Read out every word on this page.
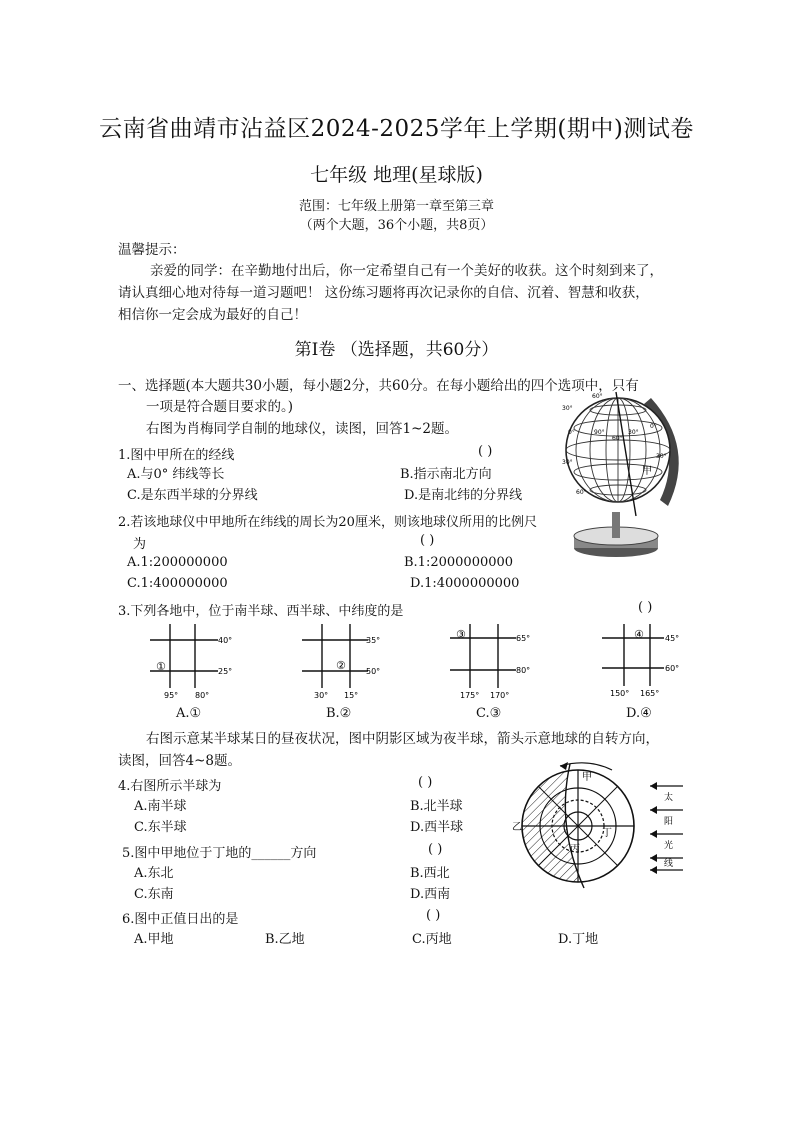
云南省曲靖市沾益区2024-2025学年上学期(期中)测试卷
七年级 地理(星球版)
范围：七年级上册第一章至第三章
（两个大题，36个小题，共8页）
温馨提示：
亲爱的同学：在辛勤地付出后，你一定希望自己有一个美好的收获。这个时刻到来了，
请认真细心地对待每一道习题吧！ 这份练习题将再次记录你的自信、沉着、智慧和收获，
相信你一定会成为最好的自己！
第Ⅰ卷 （选择题，共60分）
一、选择题(本大题共30小题，每小题2分，共60分。在每小题给出的四个选项中，只有
一项是符合题目要求的。)
右图为肖梅同学自制的地球仪，读图，回答1~2题。
1.图中甲所在的经线	( )
A.与0° 纬线等长	B.指示南北方向
C.是东西半球的分界线	D.是南北纬的分界线
2.若该地球仪中甲地所在纬线的周长为20厘米，则该地球仪所用的比例尺
为	( )
A.1:200000000	B.1:2000000000
C.1:400000000	D.1:4000000000
60°
30°
0°	90°
60°
30°
0°
30°
30°
60°
甲
3.下列各地中，位于南半球、西半球、中纬度的是	( )
①
40°
25°
95° 80°
A.①
②
35°
50°
30° 15°
B.②
③	65°
80°
175° 170°
C.③
④	45°
60°
150° 165°
D.④
右图示意某半球某日的昼夜状况，图中阴影区域为夜半球，箭头示意地球的自转方向，
读图，回答4~8题。
4.右图所示半球为	( )
A.南半球	B.北半球
C.东半球	D.西半球
5.图中甲地位于丁地的______方向	( )
A.东北	B.西北
C.东南	D.西南
6.图中正值日出的是	( )
A.甲地	B.乙地	C.丙地	D.丁地
甲
乙
丙
丁
太
阳
光
线
